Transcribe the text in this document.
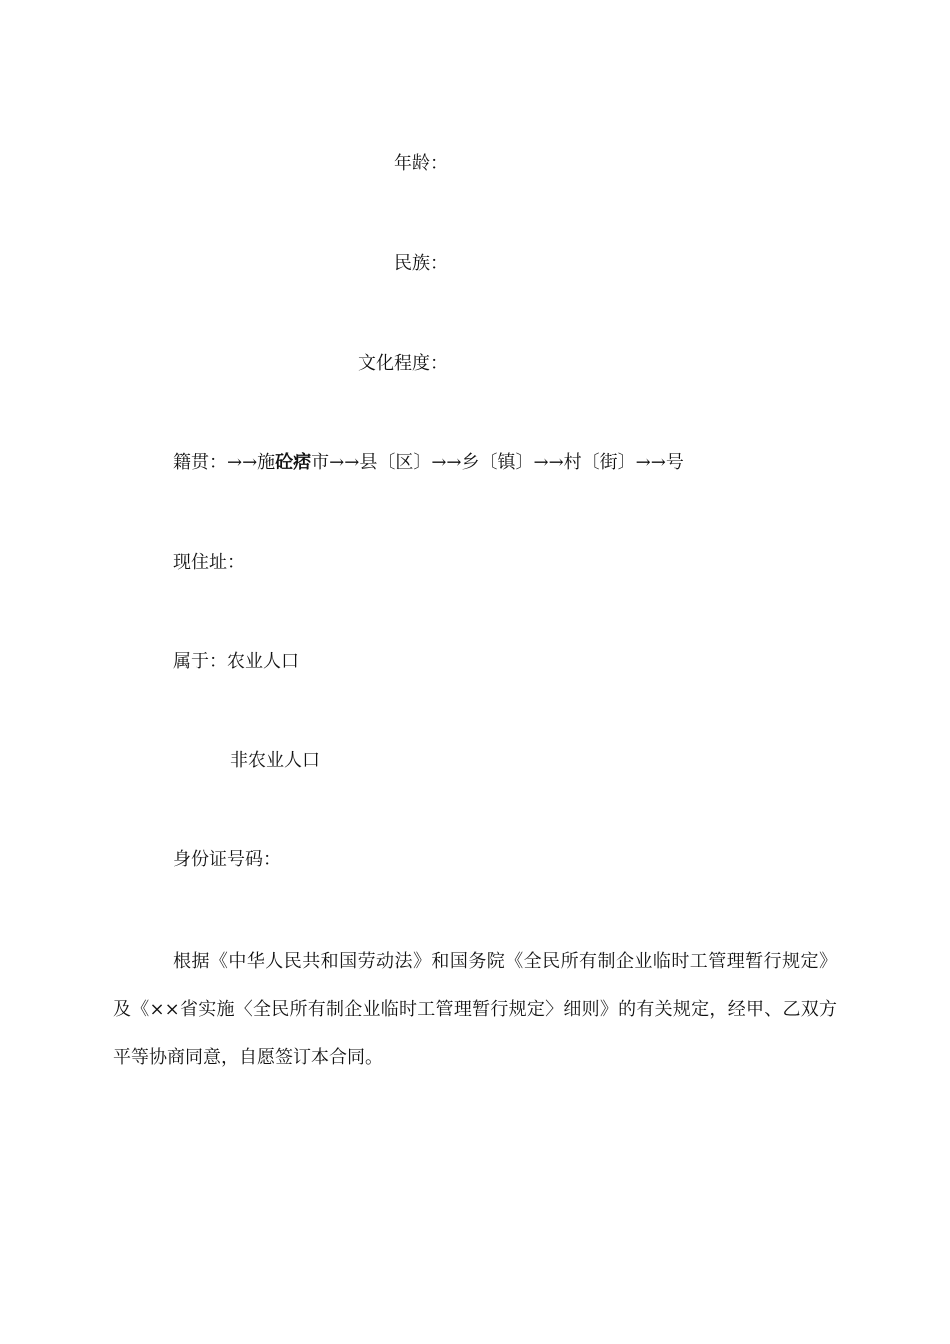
年龄：
民族：
文化程度：
籍贯：→→施砼痞市→→县〔区〕→→乡〔镇〕→→村〔街〕→→号
现住址：
属于：农业人口
非农业人口
身份证号码：
根据《中华人民共和国劳动法》和国务院《全民所有制企业临时工管理暂行规定》及《××省实施〈全民所有制企业临时工管理暂行规定〉细则》的有关规定，经甲、乙双方平等协商同意，自愿签订本合同。
